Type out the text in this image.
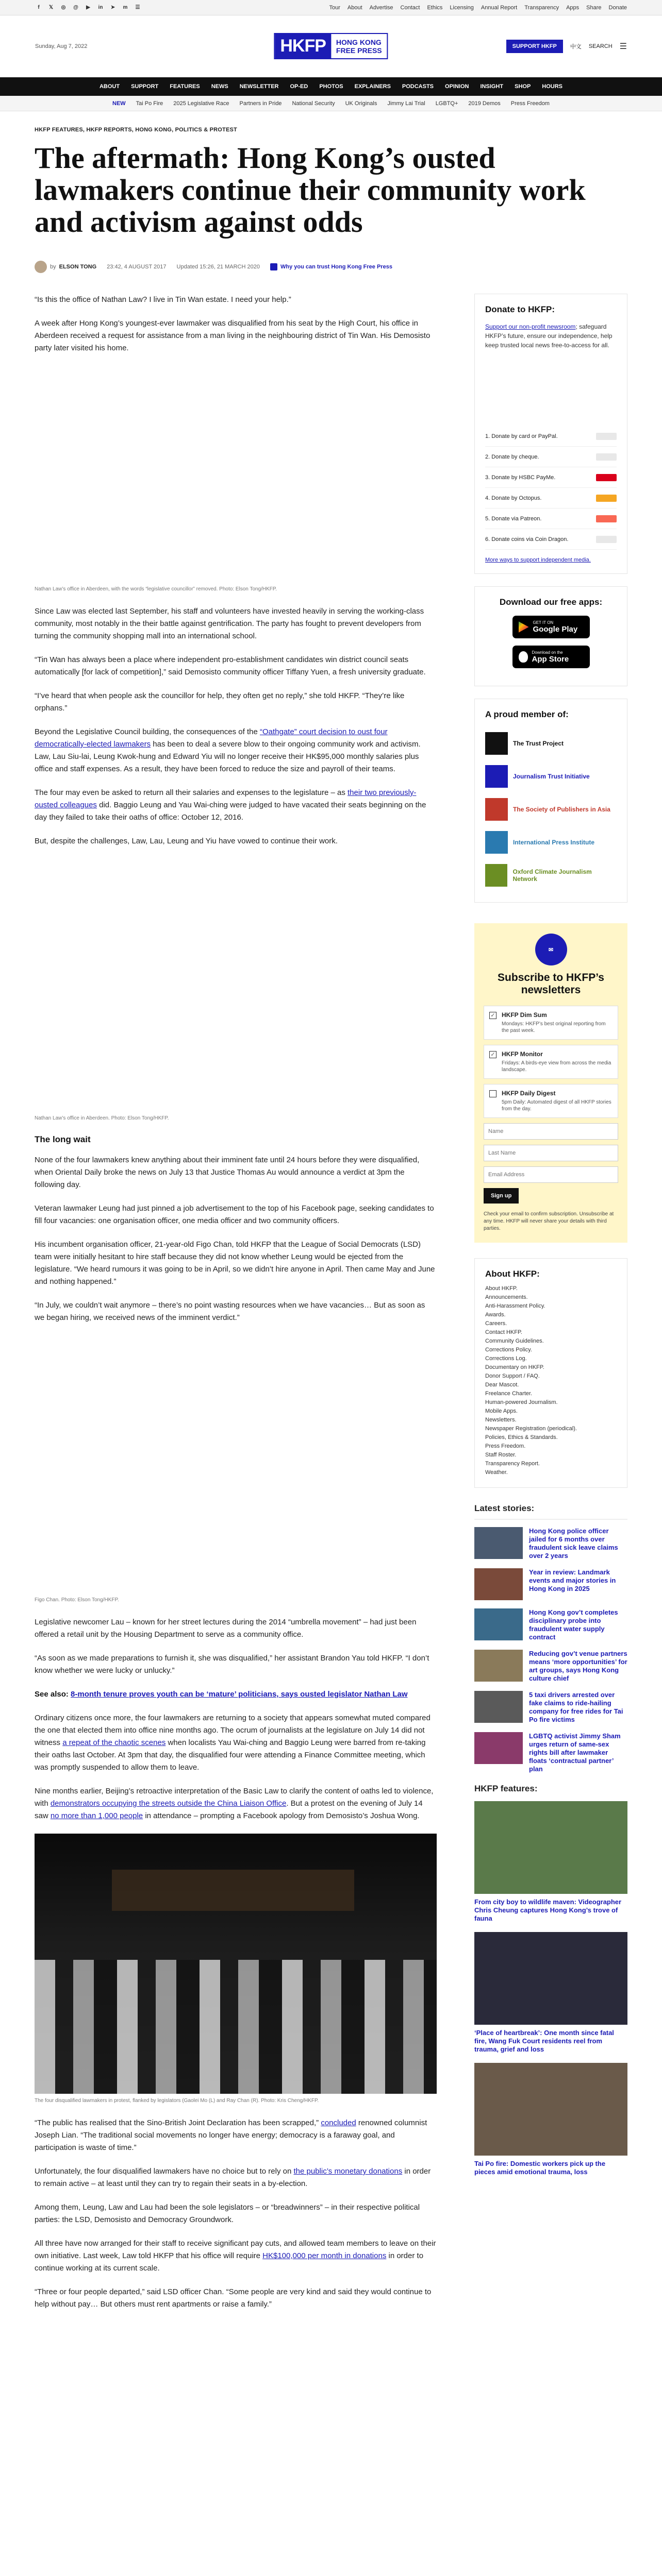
f	𝕏 ◎ @	▶	in ➤ m ☰	Tour About Advertise Contact Ethics Licensing Annual Report Transparency Apps Share Donate
Sunday, Aug 7, 2022	HKFP	HONG KONG
FREE PRESS	SUPPORT HKFP	中文 SEARCH ☰
ABOUT SUPPORT FEATURES NEWS NEWSLETTER OP-ED PHOTOS EXPLAINERS PODCASTS OPINION INSIGHT SHOP HOURS
NEW Tai Po Fire 2025 Legislative Race Partners in Pride National Security UK Originals Jimmy Lai Trial LGBTQ+ 2019 Demos Press Freedom
HKFP FEATURES, HKFP REPORTS, HONG KONG, POLITICS & PROTEST
The aftermath: Hong Kong’s ousted lawmakers continue their community work and activism against odds
by ELSON TONG 23:42, 4 AUGUST 2017 Updated 15:26, 21 MARCH 2020	Why you can trust Hong Kong Free Press
“Is this the office of Nathan Law? I live in Tin Wan estate. I need your help.”
A week after Hong Kong’s youngest-ever lawmaker was disqualified from his seat by the High Court, his office in Aberdeen received a request for assistance from a man living in the neighbouring district of Tin Wan. His Demosisto party later visited his home.
Nathan Law’s office in Aberdeen, with the words “legislative councillor” removed. Photo: Elson Tong/HKFP.
Since Law was elected last September, his staff and volunteers have invested heavily in serving the working-class community, most notably in the their battle against gentrification. The party has fought to prevent developers from turning the community shopping mall into an international school.
“Tin Wan has always been a place where independent pro-establishment candidates win district council seats automatically [for lack of competition],” said Demosisto community officer Tiffany Yuen, a fresh university graduate.
“I’ve heard that when people ask the councillor for help, they often get no reply,” she told HKFP. “They’re like orphans.”
Beyond the Legislative Council building, the consequences of the “Oathgate” court decision to oust four democratically-elected lawmakers has been to deal a severe blow to their ongoing community work and activism. Law, Lau Siu-lai, Leung Kwok-hung and Edward Yiu will no longer receive their HK$95,000 monthly salaries plus office and staff expenses. As a result, they have been forced to reduce the size and payroll of their teams.
The four may even be asked to return all their salaries and expenses to the legislature – as their two previously-ousted colleagues did. Baggio Leung and Yau Wai-ching were judged to have vacated their seats beginning on the day they failed to take their oaths of office: October 12, 2016.
But, despite the challenges, Law, Lau, Leung and Yiu have vowed to continue their work.
Nathan Law’s office in Aberdeen. Photo: Elson Tong/HKFP.
The long wait
None of the four lawmakers knew anything about their imminent fate until 24 hours before they were disqualified, when Oriental Daily broke the news on July 13 that Justice Thomas Au would announce a verdict at 3pm the following day.
Veteran lawmaker Leung had just pinned a job advertisement to the top of his Facebook page, seeking candidates to fill four vacancies: one organisation officer, one media officer and two community officers.
His incumbent organisation officer, 21-year-old Figo Chan, told HKFP that the League of Social Democrats (LSD) team were initially hesitant to hire staff because they did not know whether Leung would be ejected from the legislature. “We heard rumours it was going to be in April, so we didn’t hire anyone in April. Then came May and June and nothing happened.”
“In July, we couldn’t wait anymore – there’s no point wasting resources when we have vacancies… But as soon as we began hiring, we received news of the imminent verdict.”
Figo Chan. Photo: Elson Tong/HKFP.
Legislative newcomer Lau – known for her street lectures during the 2014 “umbrella movement” – had just been offered a retail unit by the Housing Department to serve as a community office.
“As soon as we made preparations to furnish it, she was disqualified,” her assistant Brandon Yau told HKFP. “I don’t know whether we were lucky or unlucky.”
See also: 8-month tenure proves youth can be ‘mature’ politicians, says ousted legislator Nathan Law
Ordinary citizens once more, the four lawmakers are returning to a society that appears somewhat muted compared the one that elected them into office nine months ago. The ocrum of journalists at the legislature on July 14 did not witness a repeat of the chaotic scenes when localists Yau Wai-ching and Baggio Leung were barred from re-taking their oaths last October. At 3pm that day, the disqualified four were attending a Finance Committee meeting, which was promptly suspended to allow them to leave.
Nine months earlier, Beijing’s retroactive interpretation of the Basic Law to clarify the content of oaths led to violence, with demonstrators occupying the streets outside the China Liaison Office. But a protest on the evening of July 14 saw no more than 1,000 people in attendance – prompting a Facebook apology from Demosisto’s Joshua Wong.
The four disqualified lawmakers in protest, flanked by legislators (Gaolei Mo (L) and Ray Chan (R). Photo: Kris Cheng/HKFP.
“The public has realised that the Sino-British Joint Declaration has been scrapped,” concluded renowned columnist Joseph Lian. “The traditional social movements no longer have energy; democracy is a faraway goal, and participation is waste of time.”
Unfortunately, the four disqualified lawmakers have no choice but to rely on the public’s monetary donations in order to remain active – at least until they can try to regain their seats in a by-election.
Among them, Leung, Law and Lau had been the sole legislators – or “breadwinners” – in their respective political parties: the LSD, Demosisto and Democracy Groundwork.
All three have now arranged for their staff to receive significant pay cuts, and allowed team members to leave on their own initiative. Last week, Law told HKFP that his office will require HK$100,000 per month in donations in order to continue working at its current scale.
“Three or four people departed,” said LSD officer Chan. “Some people are very kind and said they would continue to help without pay… But others must rent apartments or raise a family.”
Donate to HKFP:

Support our non-profit newsroom; safeguard HKFP’s future, ensure our independence, help keep trusted local news free-to-access for all.

1. Donate by card or PayPal.
2. Donate by cheque.
3. Donate by HSBC PayMe.
4. Donate by Octopus.
5. Donate via Patreon.
6. Donate coins via Coin Dragon.
More ways to support independent media.
Download our free apps:
GET IT ON
Google Play
Download on the
App Store
A proud member of:
The Trust Project
Journalism Trust Initiative
The Society of Publishers in Asia
International Press Institute
Oxford Climate Journalism Network
✉
Subscribe to HKFP’s newsletters
✓ HKFP Dim Sum
Mondays: HKFP’s best original reporting from the past week.
✓ HKFP Monitor
Fridays: A birds-eye view from across the media landscape.
HKFP Daily Digest
5pm Daily: Automated digest of all HKFP stories from the day.
Name Last Name Email Address
Sign up
Check your email to confirm subscription. Unsubscribe at any time. HKFP will never share your details with third parties.
About HKFP:
About HKFP.
Announcements.
Anti-Harassment Policy.
Awards.
Careers.
Contact HKFP.
Community Guidelines.
Corrections Policy.
Corrections Log.
Documentary on HKFP.
Donor Support / FAQ.
Dear Mascot.
Freelance Charter.
Human-powered Journalism.
Mobile Apps.
Newsletters.
Newspaper Registration (periodical).
Policies, Ethics & Standards.
Press Freedom.
Staff Roster.
Transparency Report.
Weather.
Latest stories:
Hong Kong police officer jailed for 6 months over fraudulent sick leave claims over 2 years
Year in review: Landmark events and major stories in Hong Kong in 2025
Hong Kong gov’t completes disciplinary probe into fraudulent water supply contract
Reducing gov’t venue partners means ‘more opportunities’ for art groups, says Hong Kong culture chief
5 taxi drivers arrested over fake claims to ride-hailing company for free rides for Tai Po fire victims
LGBTQ activist Jimmy Sham urges return of same-sex rights bill after lawmaker floats ‘contractual partner’ plan
HKFP features:
From city boy to wildlife maven: Videographer Chris Cheung captures Hong Kong’s trove of fauna
‘Place of heartbreak’: One month since fatal fire, Wang Fuk Court residents reel from trauma, grief and loss
Tai Po fire: Domestic workers pick up the pieces amid emotional trauma, loss
